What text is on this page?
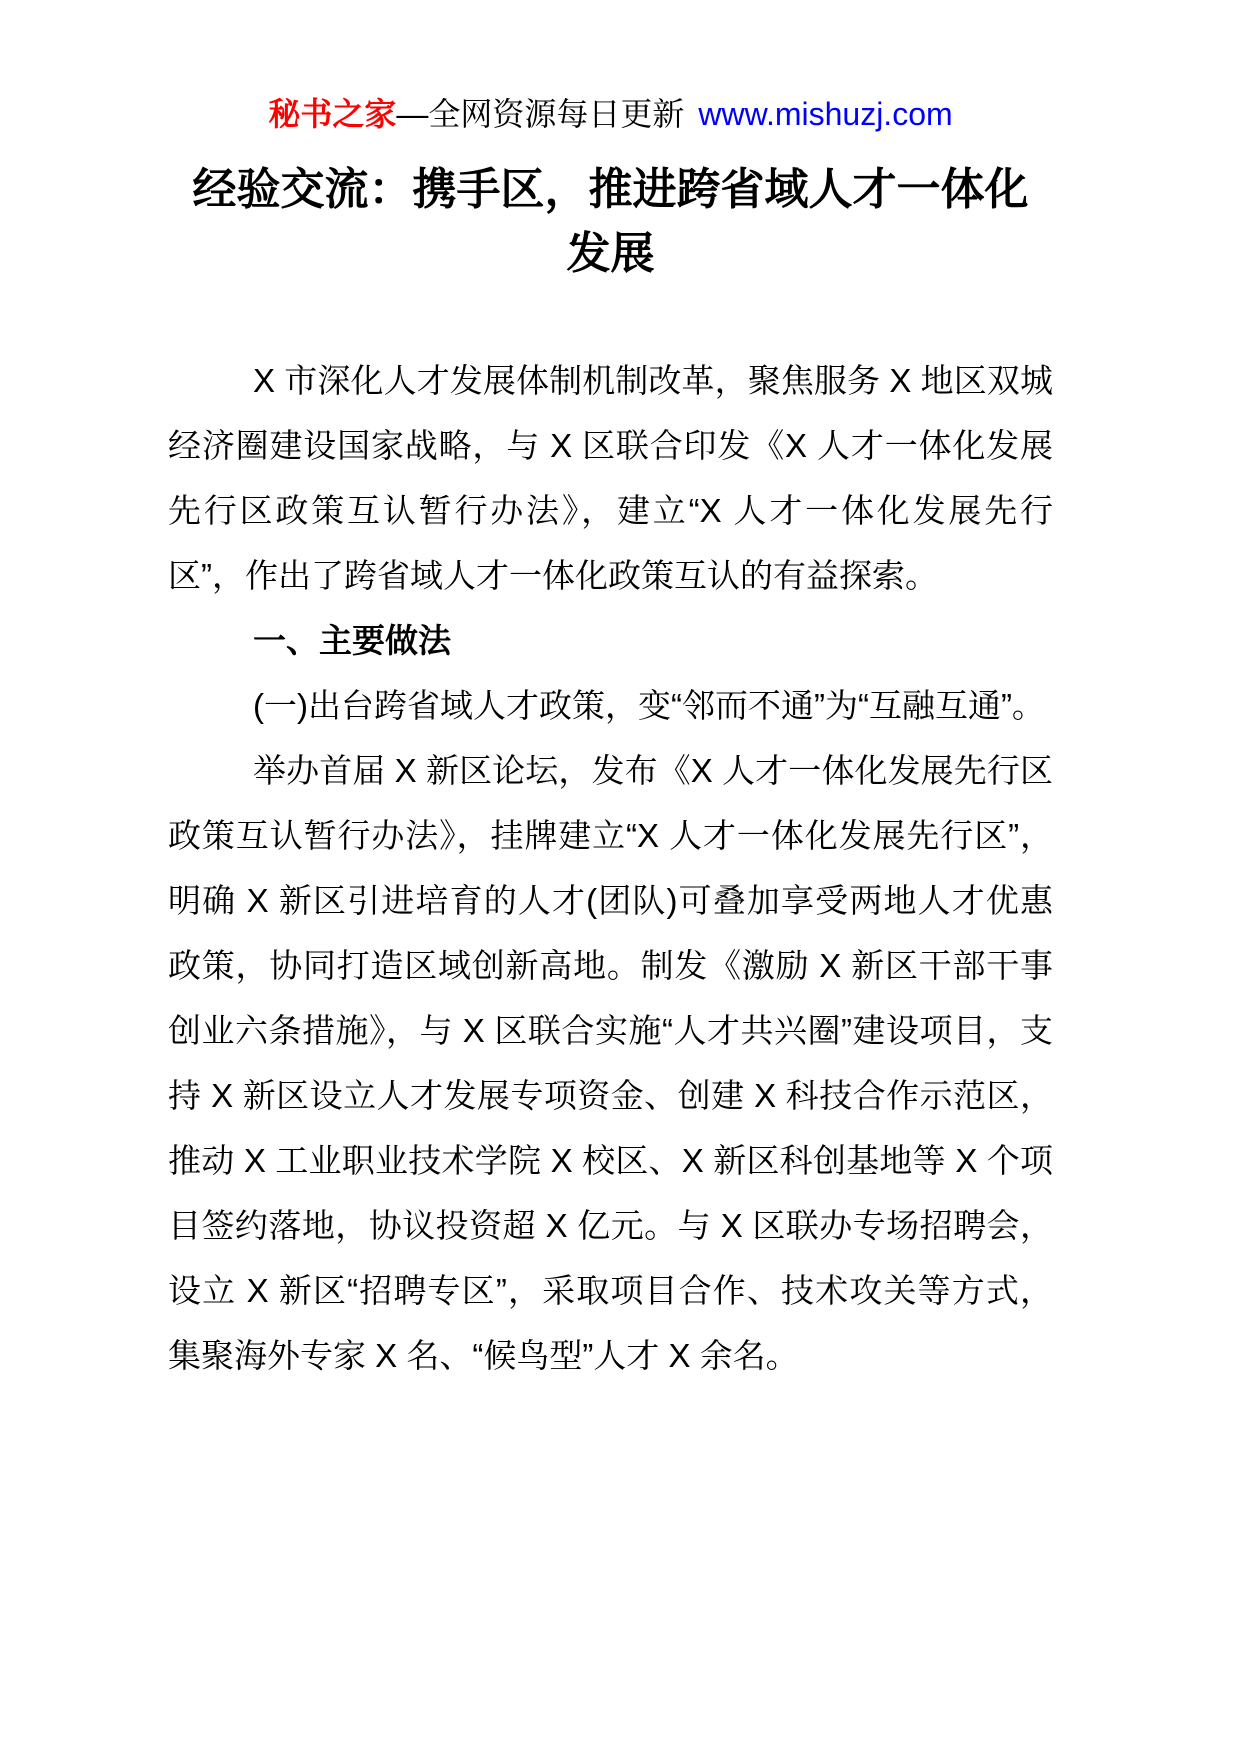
秘书之家—全网资源每日更新 www.mishuzj.com
经验交流：携手区，推进跨省域人才一体化发展

X 市深化人才发展体制机制改革，聚焦服务 X 地区双城经济圈建设国家战略，与 X 区联合印发《X 人才一体化发展先行区政策互认暂行办法》，建立“X 人才一体化发展先行区”，作出了跨省域人才一体化政策互认的有益探索。

一、主要做法

(一)出台跨省域人才政策，变“邻而不通”为“互融互通”。

举办首届 X 新区论坛，发布《X 人才一体化发展先行区政策互认暂行办法》，挂牌建立“X 人才一体化发展先行区”，明确 X 新区引进培育的人才(团队)可叠加享受两地人才优惠政策，协同打造区域创新高地。制发《激励 X 新区干部干事创业六条措施》，与 X 区联合实施“人才共兴圈”建设项目，支持 X 新区设立人才发展专项资金、创建 X 科技合作示范区，推动 X 工业职业技术学院 X 校区、X 新区科创基地等 X 个项目签约落地，协议投资超 X 亿元。与 X 区联办专场招聘会，设立 X 新区“招聘专区”，采取项目合作、技术攻关等方式，集聚海外专家 X 名、“候鸟型”人才 X 余名。
